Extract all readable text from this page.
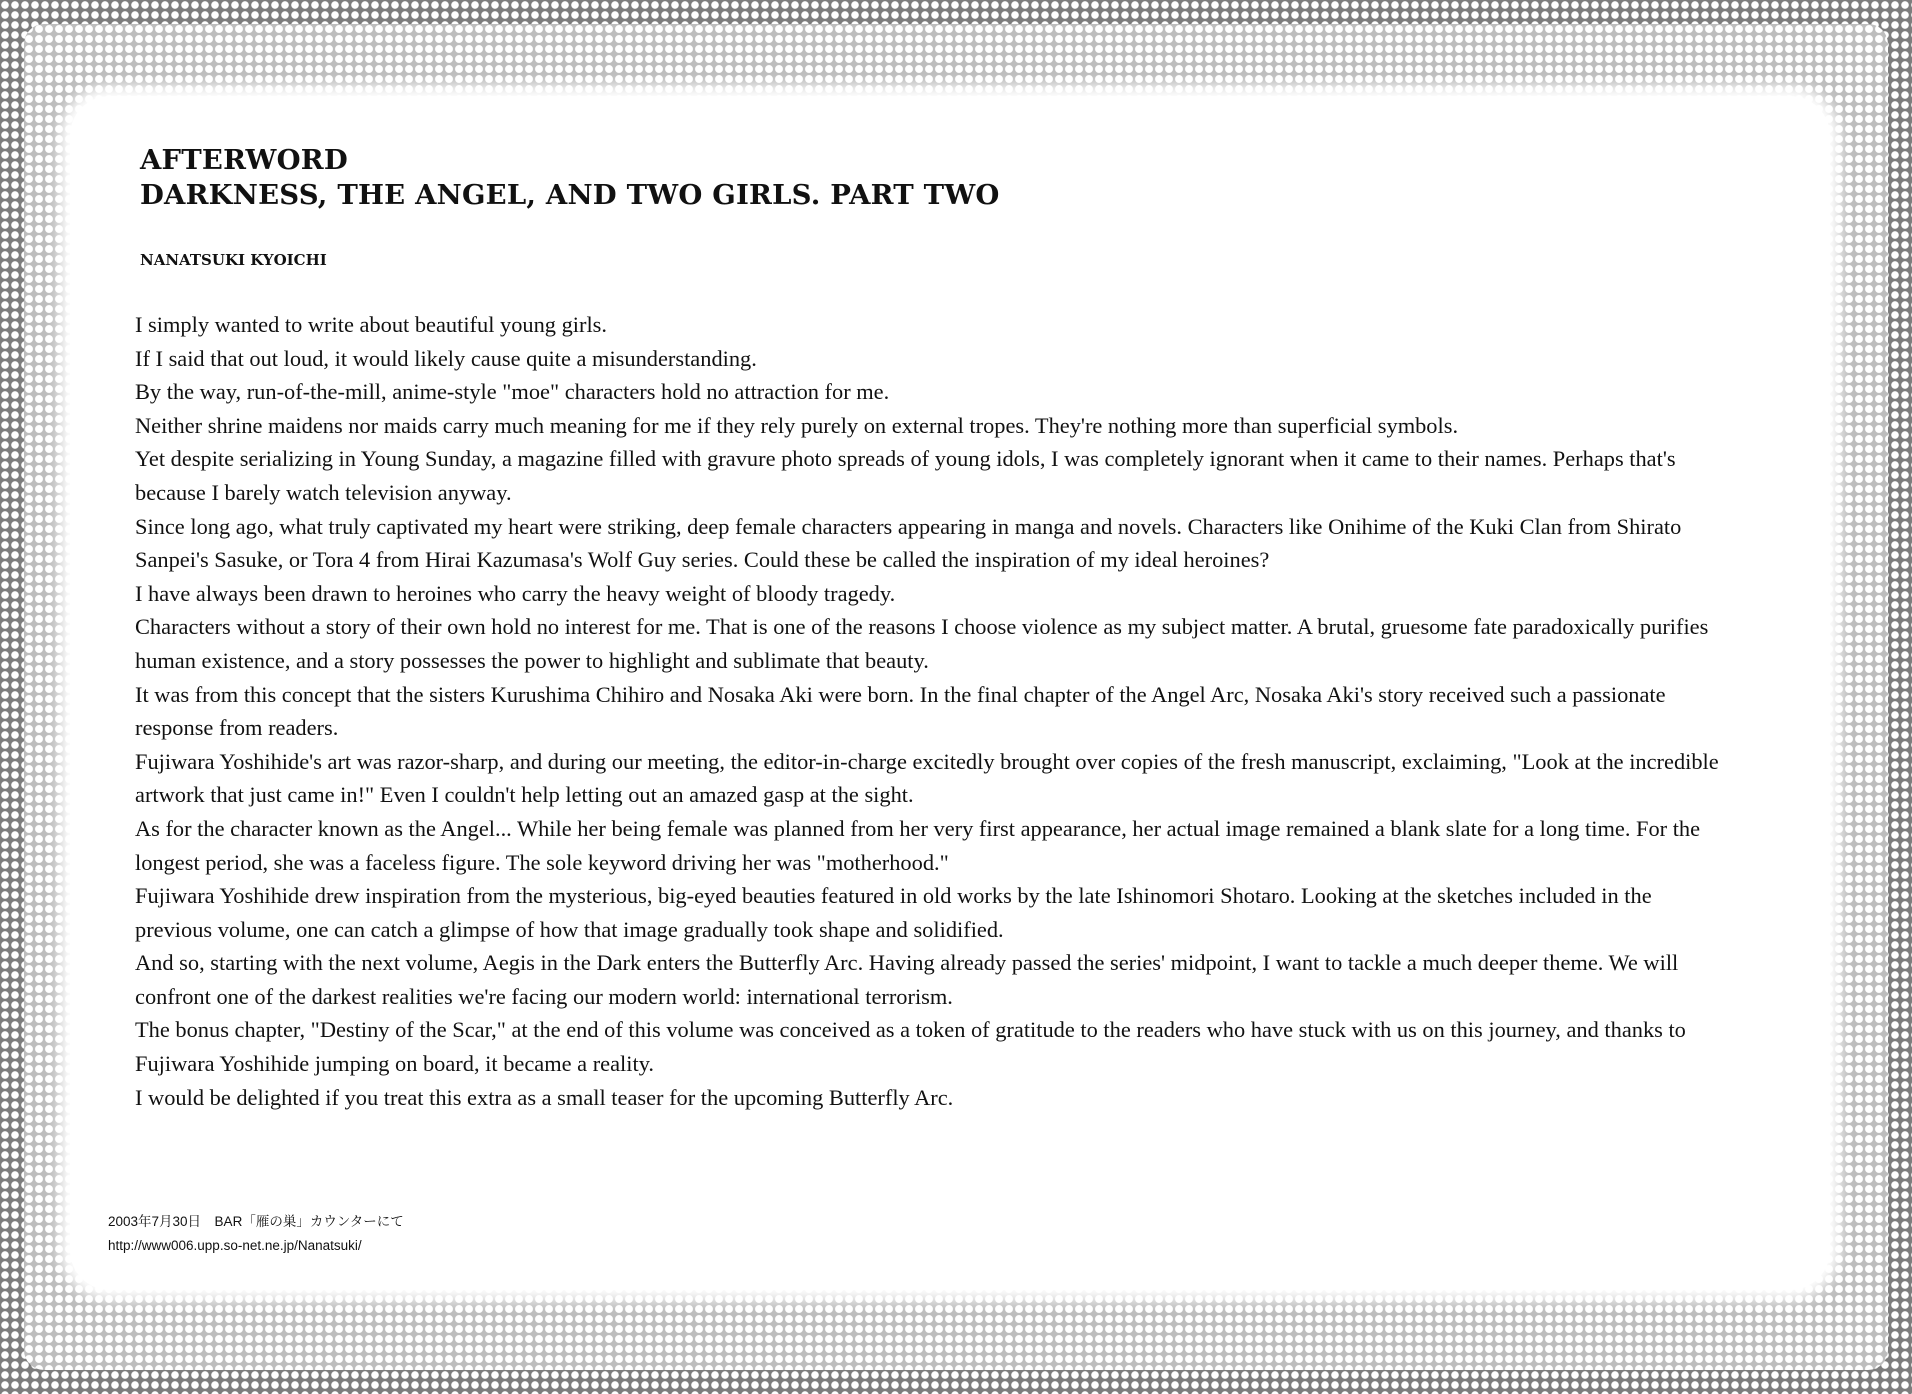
AFTERWORD
DARKNESS, THE ANGEL, AND TWO GIRLS. PART TWO
NANATSUKI KYOICHI

I simply wanted to write about beautiful young girls.

If I said that out loud, it would likely cause quite a misunderstanding.

By the way, run-of-the-mill, anime-style "moe" characters hold no attraction for me.

Neither shrine maidens nor maids carry much meaning for me if they rely purely on external tropes. They're nothing more than superficial symbols.

Yet despite serializing in Young Sunday, a magazine filled with gravure photo spreads of young idols, I was completely ignorant when it came to their names. Perhaps that's because I barely watch television anyway.

Since long ago, what truly captivated my heart were striking, deep female characters appearing in manga and novels. Characters like Onihime of the Kuki Clan from Shirato Sanpei's Sasuke, or Tora 4 from Hirai Kazumasa's Wolf Guy series. Could these be called the inspiration of my ideal heroines?

I have always been drawn to heroines who carry the heavy weight of bloody tragedy.

Characters without a story of their own hold no interest for me. That is one of the reasons I choose violence as my subject matter. A brutal, gruesome fate paradoxically purifies human existence, and a story possesses the power to highlight and sublimate that beauty.

It was from this concept that the sisters Kurushima Chihiro and Nosaka Aki were born. In the final chapter of the Angel Arc, Nosaka Aki's story received such a passionate response from readers.

Fujiwara Yoshihide's art was razor-sharp, and during our meeting, the editor-in-charge excitedly brought over copies of the fresh manuscript, exclaiming, "Look at the incredible artwork that just came in!" Even I couldn't help letting out an amazed gasp at the sight.

As for the character known as the Angel... While her being female was planned from her very first appearance, her actual image remained a blank slate for a long time. For the longest period, she was a faceless figure. The sole keyword driving her was "motherhood."

Fujiwara Yoshihide drew inspiration from the mysterious, big-eyed beauties featured in old works by the late Ishinomori Shotaro. Looking at the sketches included in the previous volume, one can catch a glimpse of how that image gradually took shape and solidified.

And so, starting with the next volume, Aegis in the Dark enters the Butterfly Arc. Having already passed the series' midpoint, I want to tackle a much deeper theme. We will confront one of the darkest realities we're facing our modern world: international terrorism.

The bonus chapter, "Destiny of the Scar," at the end of this volume was conceived as a token of gratitude to the readers who have stuck with us on this journey, and thanks to Fujiwara Yoshihide jumping on board, it became a reality.

I would be delighted if you treat this extra as a small teaser for the upcoming Butterfly Arc.

2003年7月30日　BAR「雁の巣」カウンターにて
http://www006.upp.so-net.ne.jp/Nanatsuki/
